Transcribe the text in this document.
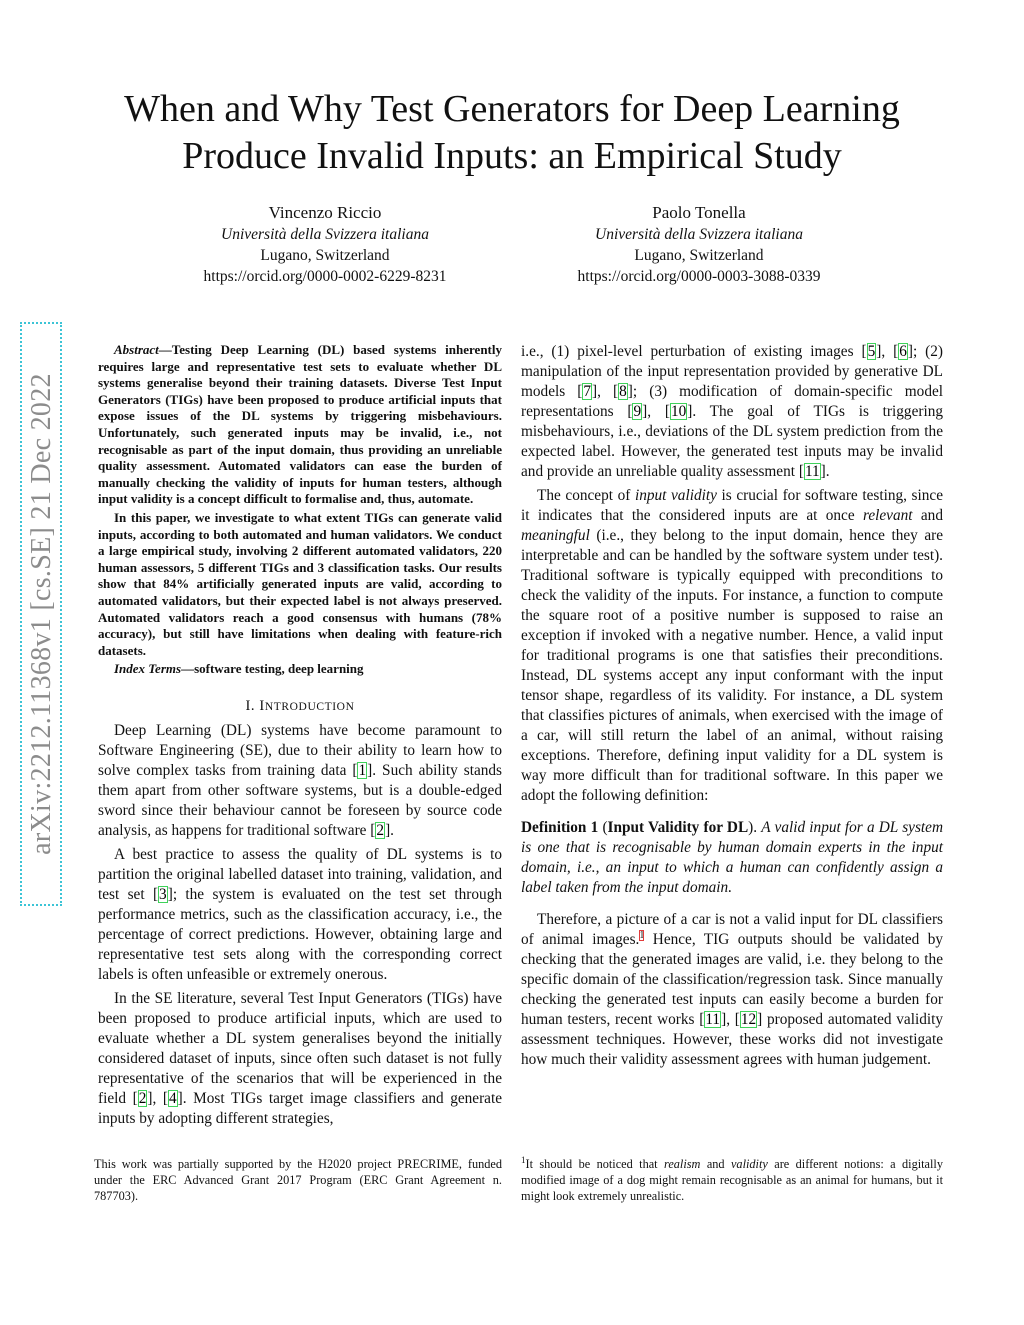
When and Why Test Generators for Deep Learning Produce Invalid Inputs: an Empirical Study
Vincenzo Riccio
Università della Svizzera italiana
Lugano, Switzerland
https://orcid.org/0000-0002-6229-8231
Paolo Tonella
Università della Svizzera italiana
Lugano, Switzerland
https://orcid.org/0000-0003-3088-0339
arXiv:2212.11368v1 [cs.SE] 21 Dec 2022

Abstract—Testing Deep Learning (DL) based systems inherently requires large and representative test sets to evaluate whether DL systems generalise beyond their training datasets. Diverse Test Input Generators (TIGs) have been proposed to produce artificial inputs that expose issues of the DL systems by triggering misbehaviours. Unfortunately, such generated inputs may be invalid, i.e., not recognisable as part of the input domain, thus providing an unreliable quality assessment. Automated validators can ease the burden of manually checking the validity of inputs for human testers, although input validity is a concept difficult to formalise and, thus, automate.

In this paper, we investigate to what extent TIGs can generate valid inputs, according to both automated and human validators. We conduct a large empirical study, involving 2 different automated validators, 220 human assessors, 5 different TIGs and 3 classification tasks. Our results show that 84% artificially generated inputs are valid, according to automated validators, but their expected label is not always preserved. Automated validators reach a good consensus with humans (78% accuracy), but still have limitations when dealing with feature-rich datasets.

Index Terms—software testing, deep learning

I. INTRODUCTION

Deep Learning (DL) systems have become paramount to Software Engineering (SE), due to their ability to learn how to solve complex tasks from training data [1]. Such ability stands them apart from other software systems, but is a double-edged sword since their behaviour cannot be foreseen by source code analysis, as happens for traditional software [2].

A best practice to assess the quality of DL systems is to partition the original labelled dataset into training, validation, and test set [3]; the system is evaluated on the test set through performance metrics, such as the classification accuracy, i.e., the percentage of correct predictions. However, obtaining large and representative test sets along with the corresponding correct labels is often unfeasible or extremely onerous.

In the SE literature, several Test Input Generators (TIGs) have been proposed to produce artificial inputs, which are used to evaluate whether a DL system generalises beyond the initially considered dataset of inputs, since often such dataset is not fully representative of the scenarios that will be experienced in the field [2], [4]. Most TIGs target image classifiers and generate inputs by adopting different strategies,

i.e., (1) pixel-level perturbation of existing images [5], [6]; (2) manipulation of the input representation provided by generative DL models [7], [8]; (3) modification of domain-specific model representations [9], [10]. The goal of TIGs is triggering misbehaviours, i.e., deviations of the DL system prediction from the expected label. However, the generated test inputs may be invalid and provide an unreliable quality assessment [11].

The concept of input validity is crucial for software testing, since it indicates that the considered inputs are at once relevant and meaningful (i.e., they belong to the input domain, hence they are interpretable and can be handled by the software system under test). Traditional software is typically equipped with preconditions to check the validity of the inputs. For instance, a function to compute the square root of a positive number is supposed to raise an exception if invoked with a negative number. Hence, a valid input for traditional programs is one that satisfies their preconditions. Instead, DL systems accept any input conformant with the input tensor shape, regardless of its validity. For instance, a DL system that classifies pictures of animals, when exercised with the image of a car, will still return the label of an animal, without raising exceptions. Therefore, defining input validity for a DL system is way more difficult than for traditional software. In this paper we adopt the following definition:

Definition 1 (Input Validity for DL). A valid input for a DL system is one that is recognisable by human domain experts in the input domain, i.e., an input to which a human can confidently assign a label taken from the input domain.

Therefore, a picture of a car is not a valid input for DL classifiers of animal images.$^1$ Hence, TIG outputs should be validated by checking that the generated images are valid, i.e. they belong to the specific domain of the classification/regression task. Since manually checking the generated test inputs can easily become a burden for human testers, recent works [11], [12] proposed automated validity assessment techniques. However, these works did not investigate how much their validity assessment agrees with human judgement.

This work was partially supported by the H2020 project PRECRIME, funded under the ERC Advanced Grant 2017 Program (ERC Grant Agreement n. 787703).
$^1$It should be noticed that realism and validity are different notions: a digitally modified image of a dog might remain recognisable as an animal for humans, but it might look extremely unrealistic.
